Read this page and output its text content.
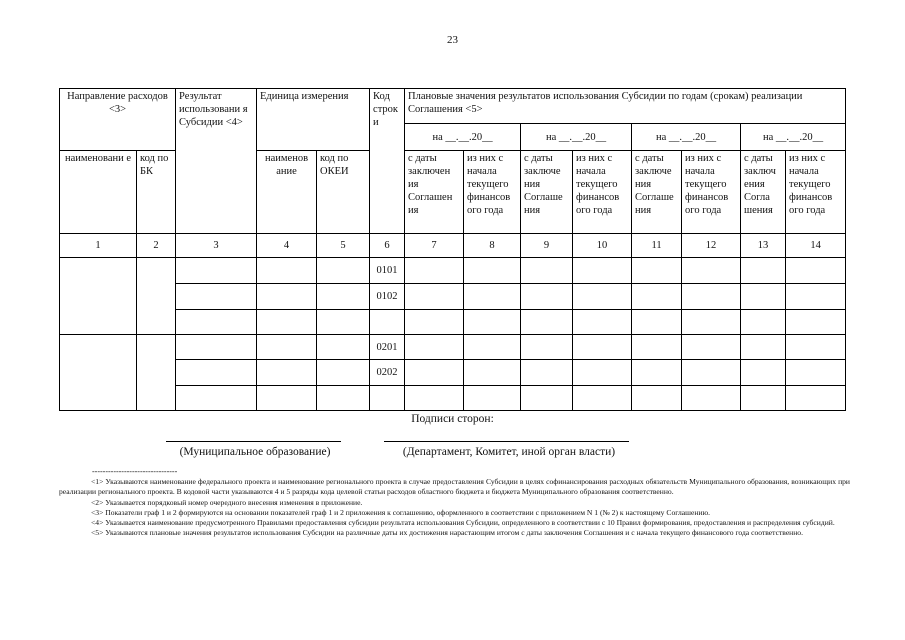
23
Направление расходов <3>		Результат использовани я Субсидии <4>	Единица измерения		Код строк и	Плановые значения результатов использования Субсидии по годам (срокам) реализации Соглашения <5>							
						на __.__.20__		на __.__.20__		на __.__.20__		на __.__.20__	
наименовани е	код по БК		наименов ание	код по ОКЕИ		с даты заключен ия Соглашен ия	из них с начала текущего финансов ого года	с даты заключе ния Соглаше ния	из них с начала текущего финансов ого года	с даты заключе ния Соглаше ния	из них с начала текущего финансов ого года	с даты заключ ения Согла шения	из них с начала текущего финансов ого года
1	2	3	4	5	6	7	8	9	10	11	12	13	14
					0101								
					0102								

					0201								
					0202								

Подписи сторон:
(Муниципальное образование)	(Департамент, Комитет, иной орган власти)
--------------------------------

<1> Указываются наименование федерального проекта и наименование регионального проекта в случае предоставления Субсидии в целях софинансирования расходных обязательств Муниципального образования, возникающих при реализации регионального проекта. В кодовой части указываются 4 и 5 разряды кода целевой статьи расходов областного бюджета и бюджета Муниципального образования соответственно.

<2> Указывается порядковый номер очередного внесения изменения в приложение.

<3> Показатели граф 1 и 2 формируются на основании показателей граф 1 и 2 приложения к соглашению, оформленного в соответствии с приложением N 1 (№ 2) к настоящему Соглашению.

<4> Указывается наименование предусмотренного Правилами предоставления субсидии результата использования Субсидии, определенного в соответствии с 10 Правил формирования, предоставления и распределения субсидий.

<5> Указываются плановые значения результатов использования Субсидии на различные даты их достижения нарастающим итогом с даты заключения Соглашения и с начала текущего финансового года соответственно.
